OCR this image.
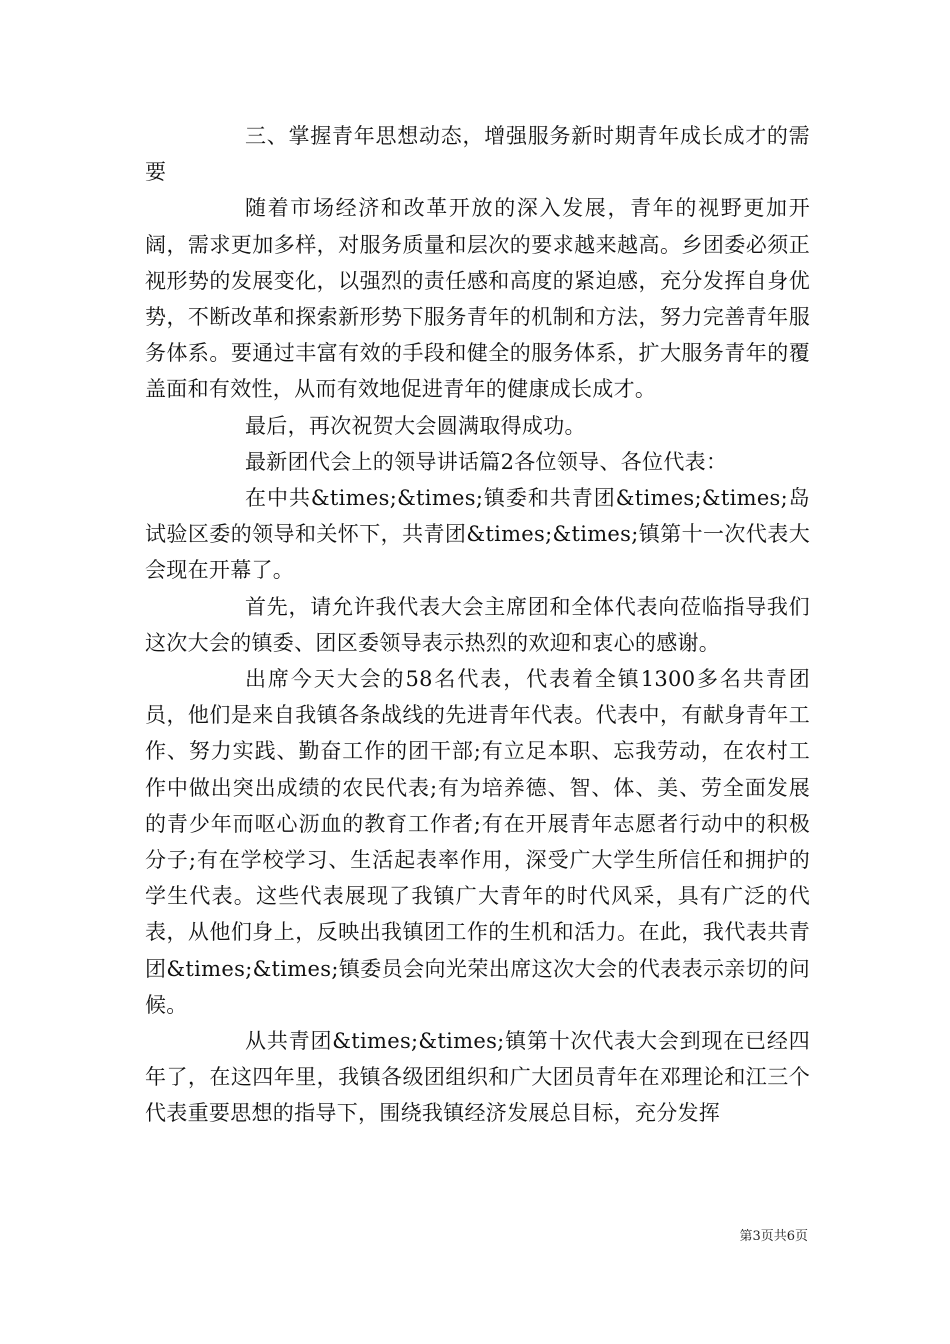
三、掌握青年思想动态，增强服务新时期青年成长成才的需要

随着市场经济和改革开放的深入发展，青年的视野更加开阔，需求更加多样，对服务质量和层次的要求越来越高。乡团委必须正视形势的发展变化，以强烈的责任感和高度的紧迫感，充分发挥自身优势，不断改革和探索新形势下服务青年的机制和方法，努力完善青年服务体系。要通过丰富有效的手段和健全的服务体系，扩大服务青年的覆盖面和有效性，从而有效地促进青年的健康成长成才。

最后，再次祝贺大会圆满取得成功。

最新团代会上的领导讲话篇2各位领导、各位代表：

在中共&times;&times;镇委和共青团&times;&times;岛试验区委的领导和关怀下，共青团&times;&times;镇第十一次代表大会现在开幕了。

首先，请允许我代表大会主席团和全体代表向莅临指导我们这次大会的镇委、团区委领导表示热烈的欢迎和衷心的感谢。

出席今天大会的58名代表，代表着全镇1300多名共青团员，他们是来自我镇各条战线的先进青年代表。代表中，有献身青年工作、努力实践、勤奋工作的团干部;有立足本职、忘我劳动，在农村工作中做出突出成绩的农民代表;有为培养德、智、体、美、劳全面发展的青少年而呕心沥血的教育工作者;有在开展青年志愿者行动中的积极分子;有在学校学习、生活起表率作用，深受广大学生所信任和拥护的学生代表。这些代表展现了我镇广大青年的时代风采，具有广泛的代表，从他们身上，反映出我镇团工作的生机和活力。在此，我代表共青团&times;&times;镇委员会向光荣出席这次大会的代表表示亲切的问候。

从共青团&times;&times;镇第十次代表大会到现在已经四年了，在这四年里，我镇各级团组织和广大团员青年在邓理论和江三个代表重要思想的指导下，围绕我镇经济发展总目标，充分发挥

第3页共6页
